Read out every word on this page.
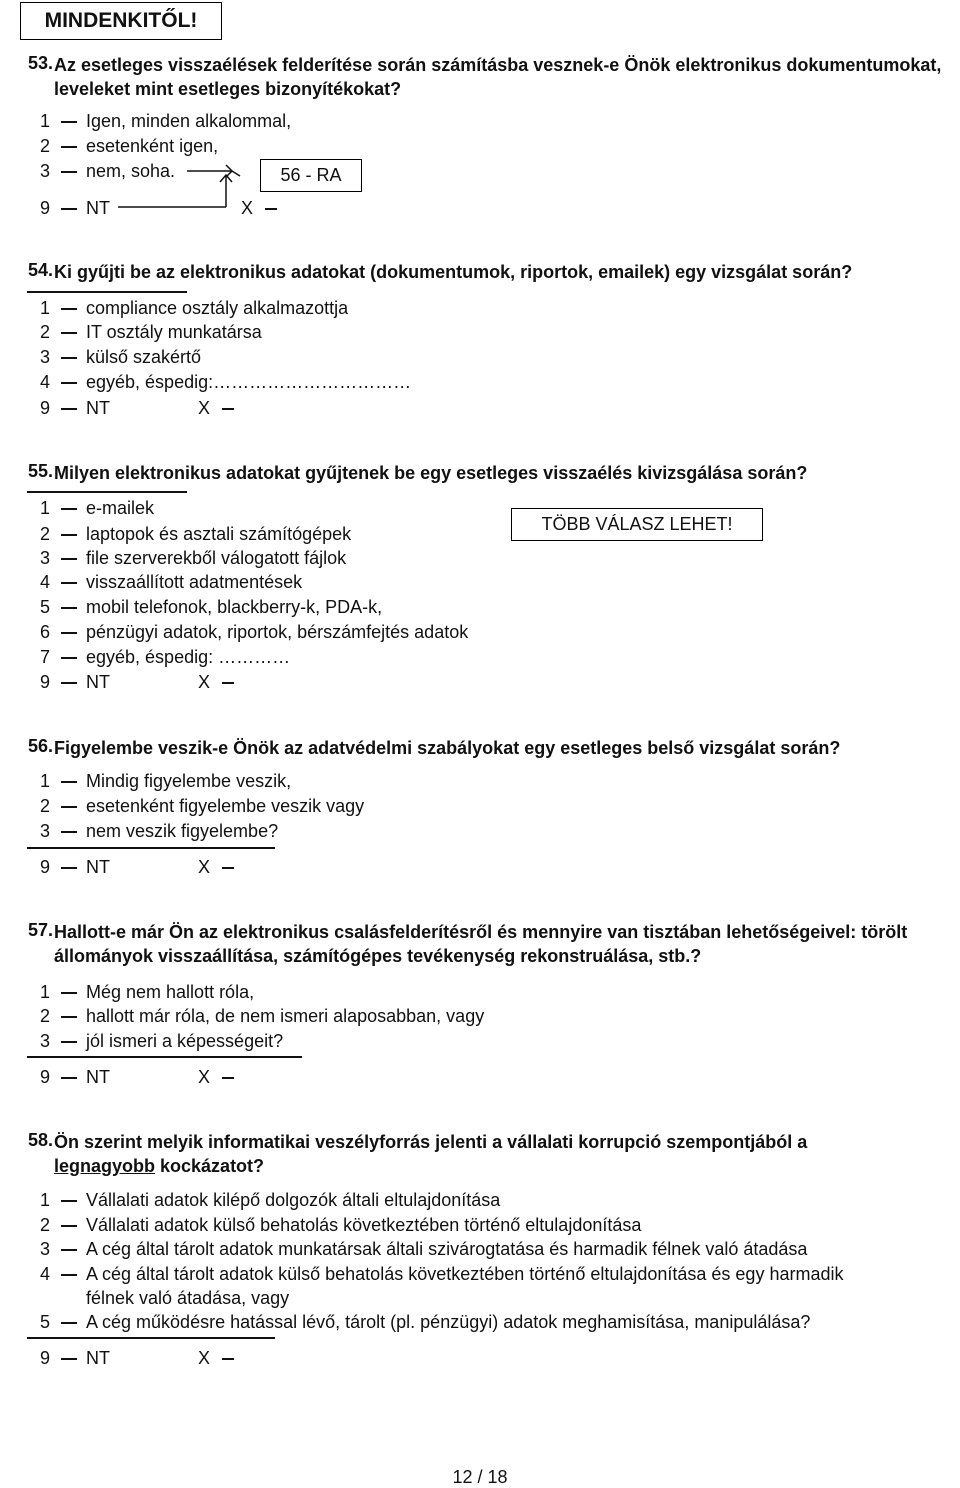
MINDENKITŐL!
53. Az esetleges visszaélések felderítése során számításba vesznek-e Önök elektronikus dokumentumokat, leveleket mint esetleges bizonyítékokat?
1 Igen, minden alkalommal,
2 esetenként igen,
3 nem, soha.
9 NT	X
56 - RA
54. Ki gyűjti be az elektronikus adatokat (dokumentumok, riportok, emailek) egy vizsgálat során?
1 compliance osztály alkalmazottja
2 IT osztály munkatársa
3 külső szakértő
4 egyéb, éspedig:……………………………
9 NT	X
55. Milyen elektronikus adatokat gyűjtenek be egy esetleges visszaélés kivizsgálása során?
TÖBB VÁLASZ LEHET!
1 e-mailek
2 laptopok és asztali számítógépek
3 file szerverekből válogatott fájlok
4 visszaállított adatmentések
5 mobil telefonok, blackberry-k, PDA-k,
6 pénzügyi adatok, riportok, bérszámfejtés adatok
7 egyéb, éspedig: …………
9 NT	X
56. Figyelembe veszik-e Önök az adatvédelmi szabályokat egy esetleges belső vizsgálat során?
1 Mindig figyelembe veszik,
2 esetenként figyelembe veszik vagy
3 nem veszik figyelembe?
9 NT	X
57. Hallott-e már Ön az elektronikus csalásfelderítésről és mennyire van tisztában lehetőségeivel: törölt állományok visszaállítása, számítógépes tevékenység rekonstruálása, stb.?
1 Még nem hallott róla,
2 hallott már róla, de nem ismeri alaposabban, vagy
3 jól ismeri a képességeit?
9 NT	X
58. Ön szerint melyik informatikai veszélyforrás jelenti a vállalati korrupció szempontjából a
legnagyobb kockázatot?
1 Vállalati adatok kilépő dolgozók általi eltulajdonítása
2 Vállalati adatok külső behatolás következtében történő eltulajdonítása
3 A cég által tárolt adatok munkatársak általi szivárogtatása és harmadik félnek való átadása
4 A cég által tárolt adatok külső behatolás következtében történő eltulajdonítása és egy harmadik
félnek való átadása, vagy
5 A cég működésre hatással lévő, tárolt (pl. pénzügyi) adatok meghamisítása, manipulálása?
9 NT	X
12 / 18
